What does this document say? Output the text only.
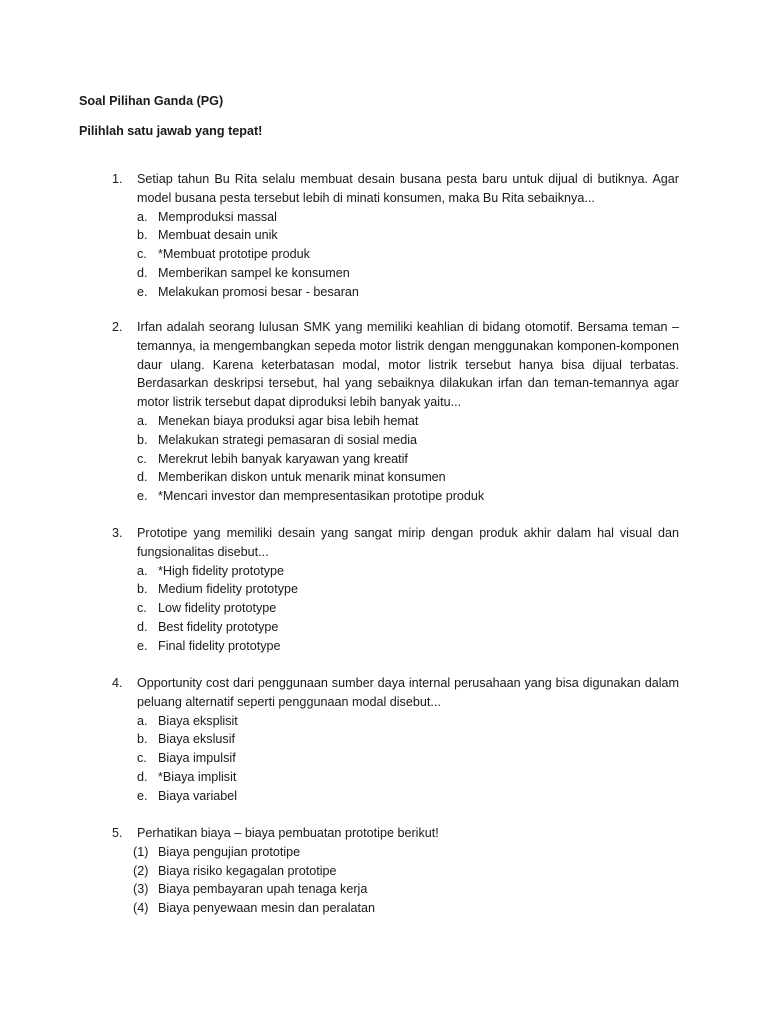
Soal Pilihan Ganda (PG)
Pilihlah satu jawab yang tepat!
1.	Setiap tahun Bu Rita selalu membuat desain busana pesta baru untuk dijual di butiknya. Agar model busana pesta tersebut lebih di minati konsumen, maka Bu Rita sebaiknya...
a. Memproduksi massal
b. Membuat desain unik
c. *Membuat prototipe produk
d. Memberikan sampel ke konsumen
e. Melakukan promosi besar - besaran
2.	Irfan adalah seorang lulusan SMK yang memiliki keahlian di bidang otomotif. Bersama teman – temannya, ia mengembangkan sepeda motor listrik dengan menggunakan komponen-komponen daur ulang. Karena keterbatasan modal, motor listrik tersebut hanya bisa dijual terbatas. Berdasarkan deskripsi tersebut, hal yang sebaiknya dilakukan irfan dan teman-temannya agar motor listrik tersebut dapat diproduksi lebih banyak yaitu...
a. Menekan biaya produksi agar bisa lebih hemat
b. Melakukan strategi pemasaran di sosial media
c. Merekrut lebih banyak karyawan yang kreatif
d. Memberikan diskon untuk menarik minat konsumen
e. *Mencari investor dan mempresentasikan prototipe produk
3.	Prototipe yang memiliki desain yang sangat mirip dengan produk akhir dalam hal visual dan fungsionalitas disebut...
a. *High fidelity prototype
b. Medium fidelity prototype
c. Low fidelity prototype
d. Best fidelity prototype
e. Final fidelity prototype
4.	Opportunity cost dari penggunaan sumber daya internal perusahaan yang bisa digunakan dalam peluang alternatif seperti penggunaan modal disebut...
a. Biaya eksplisit
b. Biaya ekslusif
c. Biaya impulsif
d. *Biaya implisit
e. Biaya variabel
5.	Perhatikan biaya – biaya pembuatan prototipe berikut!
(1) Biaya pengujian prototipe
(2) Biaya risiko kegagalan prototipe
(3) Biaya pembayaran upah tenaga kerja
(4) Biaya penyewaan mesin dan peralatan
